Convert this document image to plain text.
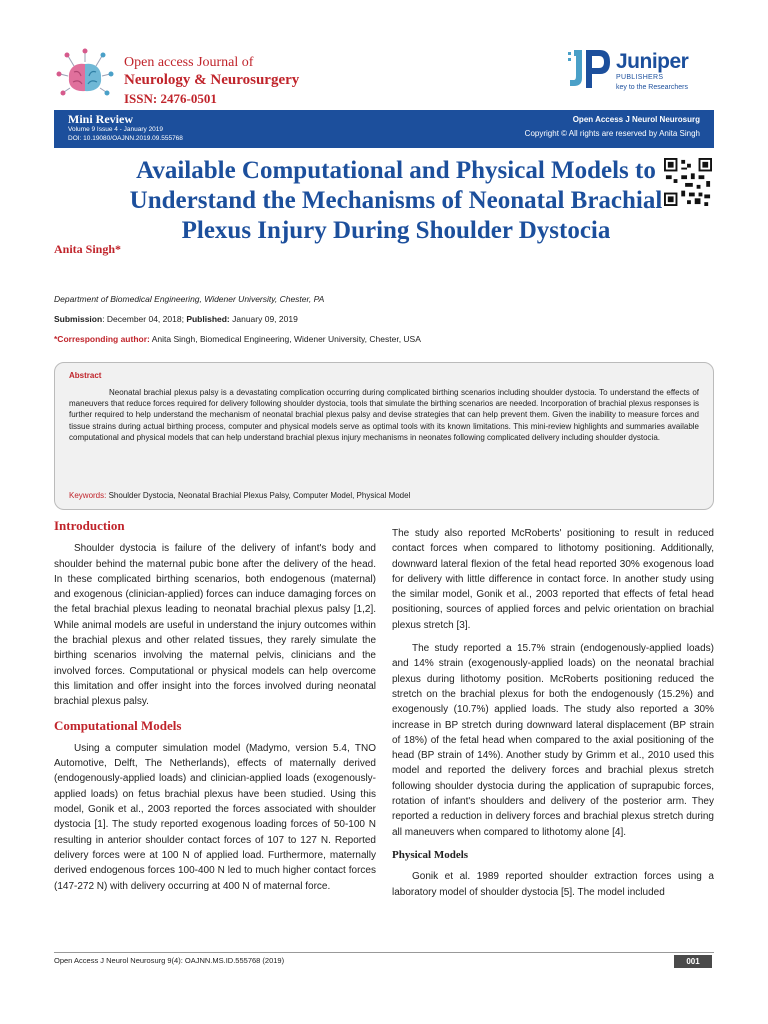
Open access Journal of
Neurology & Neurosurgery
ISSN: 2476-0501
Juniper
PUBLISHERS
key to the Researchers
Mini Review
Volume 9 Issue 4 - January 2019
DOI: 10.19080/OAJNN.2019.09.555768
Open Access J Neurol Neurosurg
Copyright © All rights are reserved by Anita Singh
Available Computational and Physical Models to Understand the Mechanisms of Neonatal Brachial Plexus Injury During Shoulder Dystocia
Anita Singh*
Department of Biomedical Engineering, Widener University, Chester, PA
Submission: December 04, 2018; Published: January 09, 2019
*Corresponding author: Anita Singh, Biomedical Engineering, Widener University, Chester, USA
Abstract
Neonatal brachial plexus palsy is a devastating complication occurring during complicated birthing scenarios including shoulder dystocia. To understand the effects of maneuvers that reduce forces required for delivery following shoulder dystocia, tools that simulate the birthing scenarios are needed. Incorporation of brachial plexus responses is further required to help understand the mechanism of neonatal brachial plexus palsy and devise strategies that can help prevent them. Given the inability to measure forces and tissue strains during actual birthing process, computer and physical models serve as optimal tools with its known limitations. This mini-review highlights and summaries available computational and physical models that can help understand brachial plexus injury mechanisms in neonates following complicated delivery including shoulder dystocia.
Keywords: Shoulder Dystocia, Neonatal Brachial Plexus Palsy, Computer Model, Physical Model
Introduction

Shoulder dystocia is failure of the delivery of infant's body and shoulder behind the maternal pubic bone after the delivery of the head. In these complicated birthing scenarios, both endogenous (maternal) and exogenous (clinician-applied) forces can induce damaging forces on the fetal brachial plexus leading to neonatal brachial plexus palsy [1,2]. While animal models are useful in understand the injury outcomes within the brachial plexus and other related tissues, they rarely simulate the birthing scenarios involving the maternal pelvis, clinicians and the involved forces. Computational or physical models can help overcome this limitation and offer insight into the forces involved during neonatal brachial plexus palsy.

Computational Models

Using a computer simulation model (Madymo, version 5.4, TNO Automotive, Delft, The Netherlands), effects of maternally derived (endogenously-applied loads) and clinician-applied loads (exogenously-applied loads) on fetus brachial plexus have been studied. Using this model, Gonik et al., 2003 reported the forces associated with shoulder dystocia [1]. The study reported exogenous loading forces of 50-100 N resulting in anterior shoulder contact forces of 107 to 127 N. Reported delivery forces were at 100 N of applied load. Furthermore, maternally derived endogenous forces 100-400 N led to much higher contact forces (147-272 N) with delivery occurring at 400 N of maternal force.

The study also reported McRoberts' positioning to result in reduced contact forces when compared to lithotomy positioning. Additionally, downward lateral flexion of the fetal head reported 30% exogenous load for delivery with little difference in contact force. In another study using the similar model, Gonik et al., 2003 reported that effects of fetal head positioning, sources of applied forces and pelvic orientation on brachial plexus stretch [3].

The study reported a 15.7% strain (endogenously-applied loads) and 14% strain (exogenously-applied loads) on the neonatal brachial plexus during lithotomy position. McRoberts positioning reduced the stretch on the brachial plexus for both the endogenously (15.2%) and exogenously (10.7%) applied loads. The study also reported a 30% increase in BP stretch during downward lateral displacement (BP strain of 18%) of the fetal head when compared to the axial positioning of the head (BP strain of 14%). Another study by Grimm et al., 2010 used this model and reported the delivery forces and brachial plexus stretch following shoulder dystocia during the application of suprapubic forces, rotation of infant's shoulders and delivery of the posterior arm. They reported a reduction in delivery forces and brachial plexus stretch during all maneuvers when compared to lithotomy alone [4].

Physical Models

Gonik et al. 1989 reported shoulder extraction forces using a laboratory model of shoulder dystocia [5]. The model included

Open Access J Neurol Neurosurg 9(4): OAJNN.MS.ID.555768 (2019)	001
